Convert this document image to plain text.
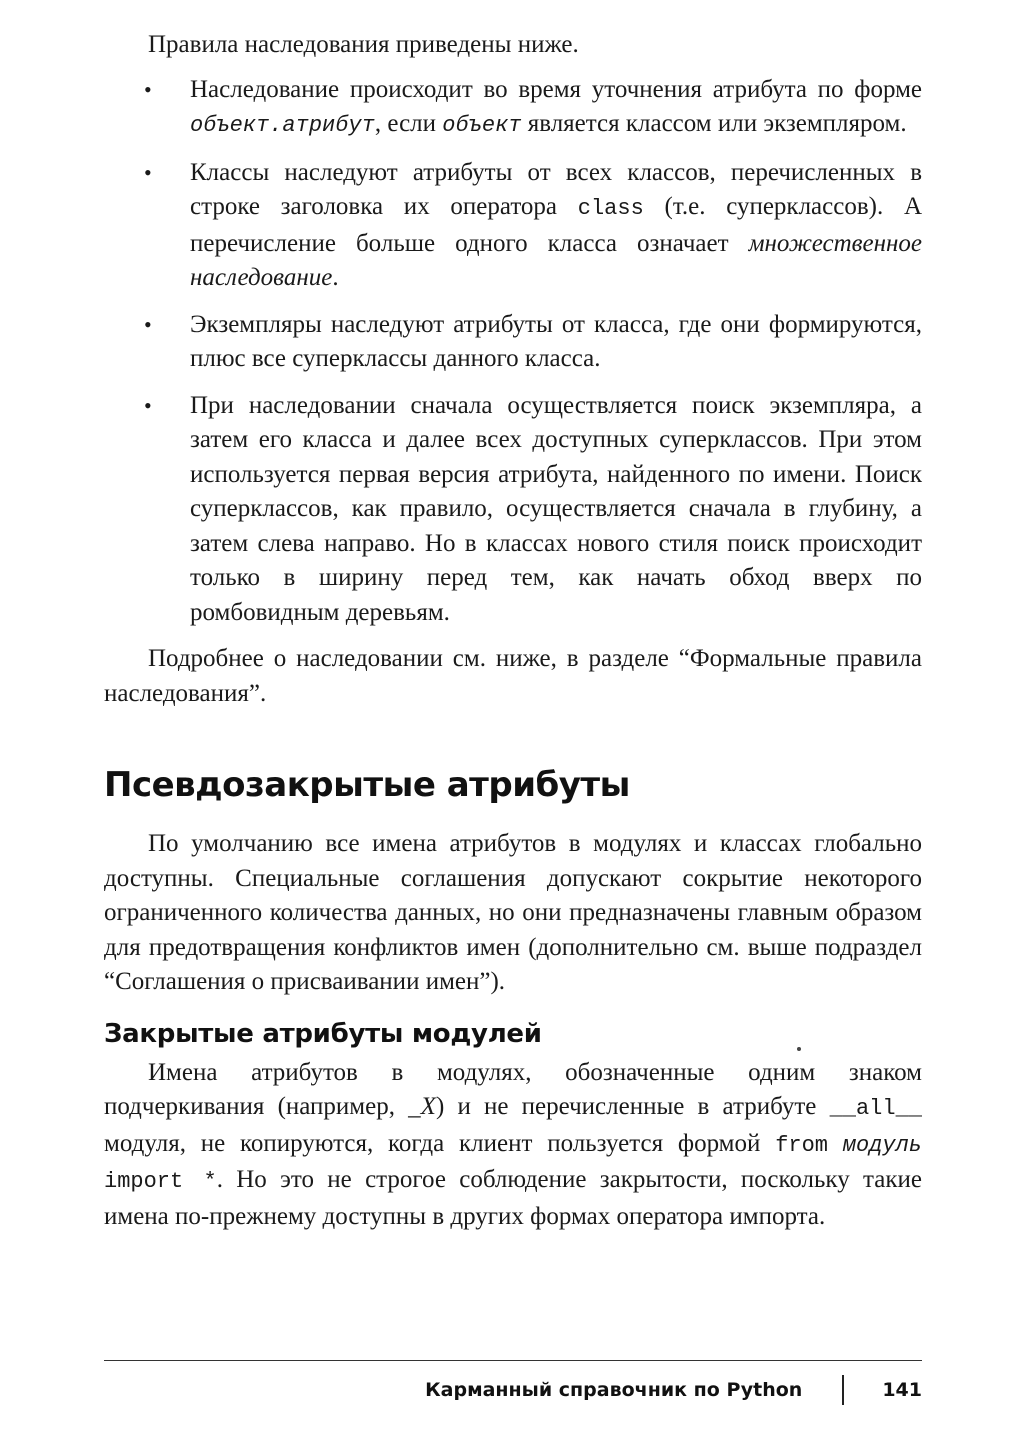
Правила наследования приведены ниже.

• Наследование происходит во время уточнения атрибута по форме объект.атрибут, если объект является классом или экземпляром.

• Классы наследуют атрибуты от всех классов, перечисленных в строке заголовка их оператора class (т.е. суперклассов). А перечисление больше одного класса означает множественное наследование.

• Экземпляры наследуют атрибуты от класса, где они формируются, плюс все суперклассы данного класса.

• При наследовании сначала осуществляется поиск экземпляра, а затем его класса и далее всех доступных суперклассов. При этом используется первая версия атрибута, найденного по имени. Поиск суперклассов, как правило, осуществляется сначала в глубину, а затем слева направо. Но в классах нового стиля поиск происходит только в ширину перед тем, как начать обход вверх по ромбовидным деревьям.

Подробнее о наследовании см. ниже, в разделе “Формальные правила наследования”.

Псевдозакрытые атрибуты

По умолчанию все имена атрибутов в модулях и классах глобально доступны. Специальные соглашения допускают сокрытие некоторого ограниченного количества данных, но они предназначены главным образом для предотвращения конфликтов имен (дополнительно см. выше подраздел “Соглашения о присваивании имен”).

Закрытые атрибуты модулей

Имена атрибутов в модулях, обозначенные одним знаком подчеркивания (например, _X) и не перечисленные в атрибуте __all__ модуля, не копируются, когда клиент пользуется формой from модуль import *. Но это не строгое соблюдение закрытости, поскольку такие имена по-прежнему доступны в других формах оператора импорта.

Карманный справочник по Python	141
